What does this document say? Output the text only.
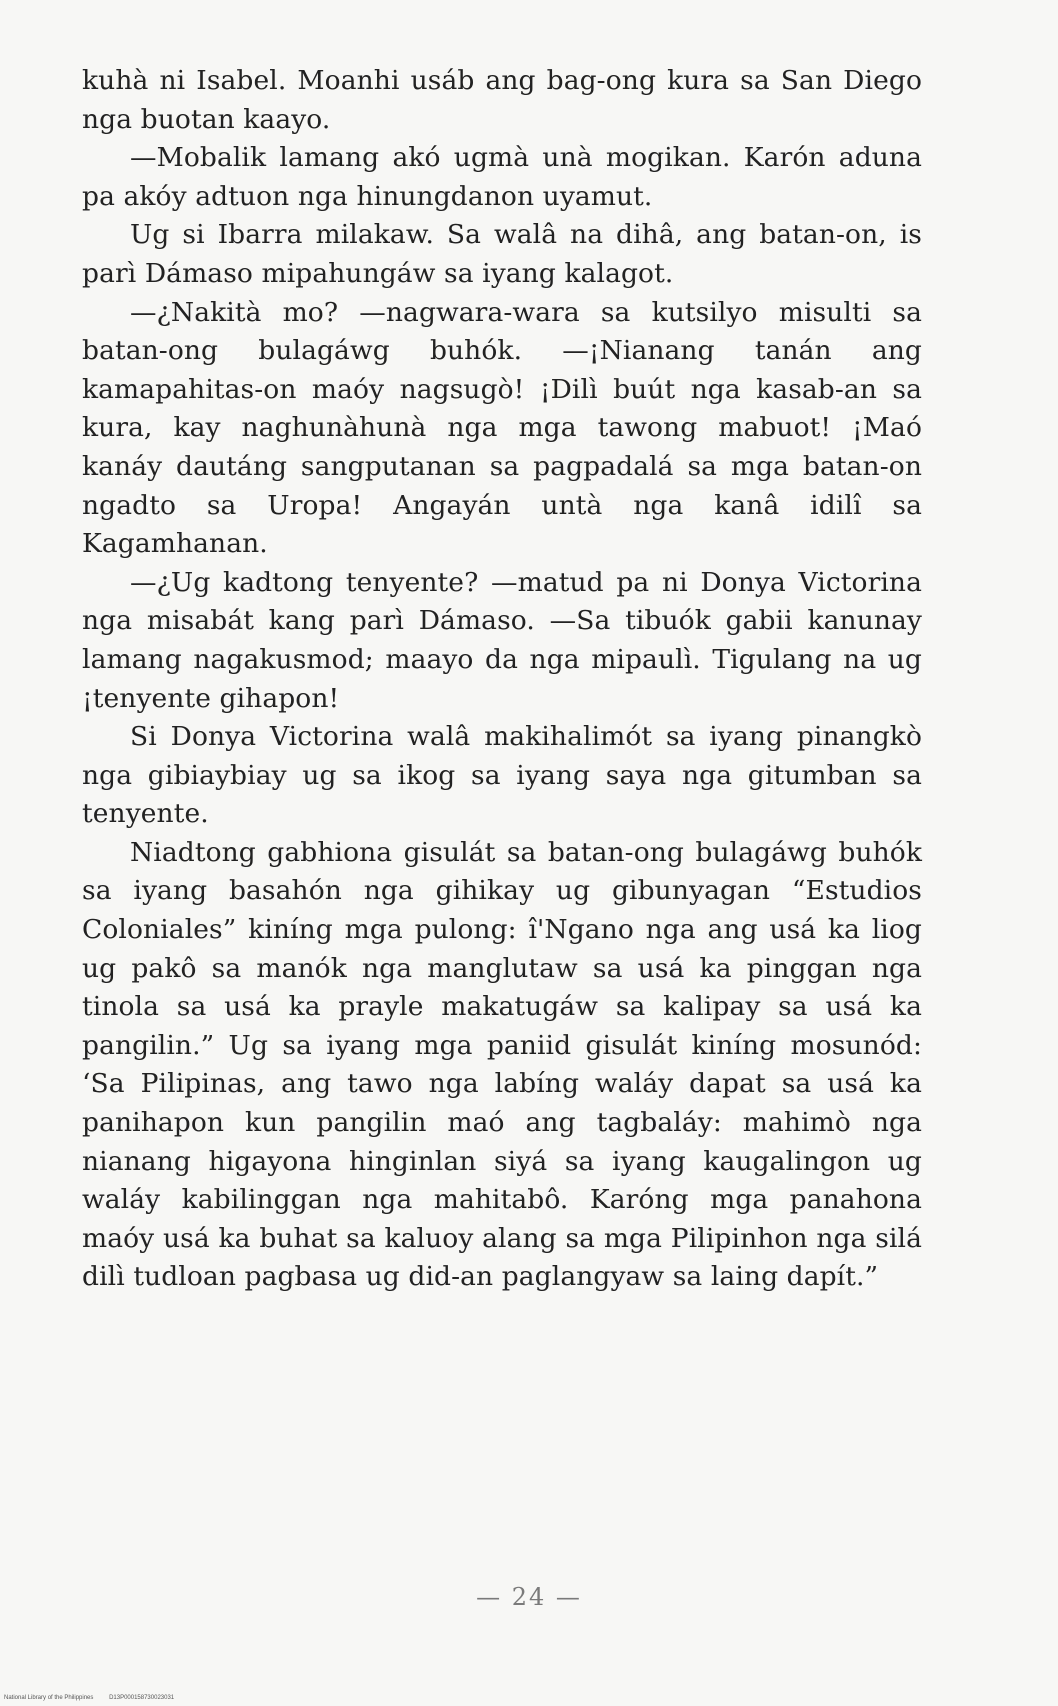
kuhà ni Isabel. Moanhi usáb ang bag-ong kura sa San Diego nga buotan kaayo.

—Mobalik lamang akó ugmà unà mogikan. Karón aduna pa akóy adtuon nga hinungdanon uyamut.

Ug si Ibarra milakaw. Sa walâ na dihâ, ang batan-on, is parì Dámaso mipahungáw sa iyang kalagot.

—¿Nakità mo? —nagwara-wara sa kutsilyo misulti sa batan-ong bulagáwg buhók. —¡Nianang tanán ang kamapahitas-on maóy nagsugò! ¡Dilì buút nga kasab-an sa kura, kay naghunàhunà nga mga tawong mabuot! ¡Maó kanáy dautáng sangputanan sa pagpadalá sa mga batan-on ngadto sa Uropa! Angayán untà nga kanâ idilî sa Kagamhanan.

—¿Ug kadtong tenyente? —matud pa ni Donya Victorina nga misabát kang parì Dámaso. —Sa tibuók gabii kanunay lamang nagakusmod; maayo da nga mipaulì. Tigulang na ug ¡tenyente gihapon!

Si Donya Victorina walâ makihalimót sa iyang pinangkò nga gibiaybiay ug sa ikog sa iyang saya nga gitumban sa tenyente.

Niadtong gabhiona gisulát sa batan-ong bulagáwg buhók sa iyang basahón nga gihikay ug gibunyagan “Estudios Coloniales” kiníng mga pulong: î'Ngano nga ang usá ka liog ug pakô sa manók nga manglutaw sa usá ka pinggan nga tinola sa usá ka prayle makatugáw sa kalipay sa usá ka pangilin.” Ug sa iyang mga paniid gisulát kiníng mosunód: ‘Sa Pilipinas, ang tawo nga labíng waláy dapat sa usá ka panihapon kun pangilin maó ang tagbaláy: mahimò nga nianang higayona hinginlan siyá sa iyang kaugalingon ug waláy kabilinggan nga mahitabô. Karóng mga panahona maóy usá ka buhat sa kaluoy alang sa mga Pilipinhon nga silá dilì tudloan pagbasa ug did-an paglangyaw sa laing dapít.”

— 24 —
National Library of the Philippines	D13P000158730023031
